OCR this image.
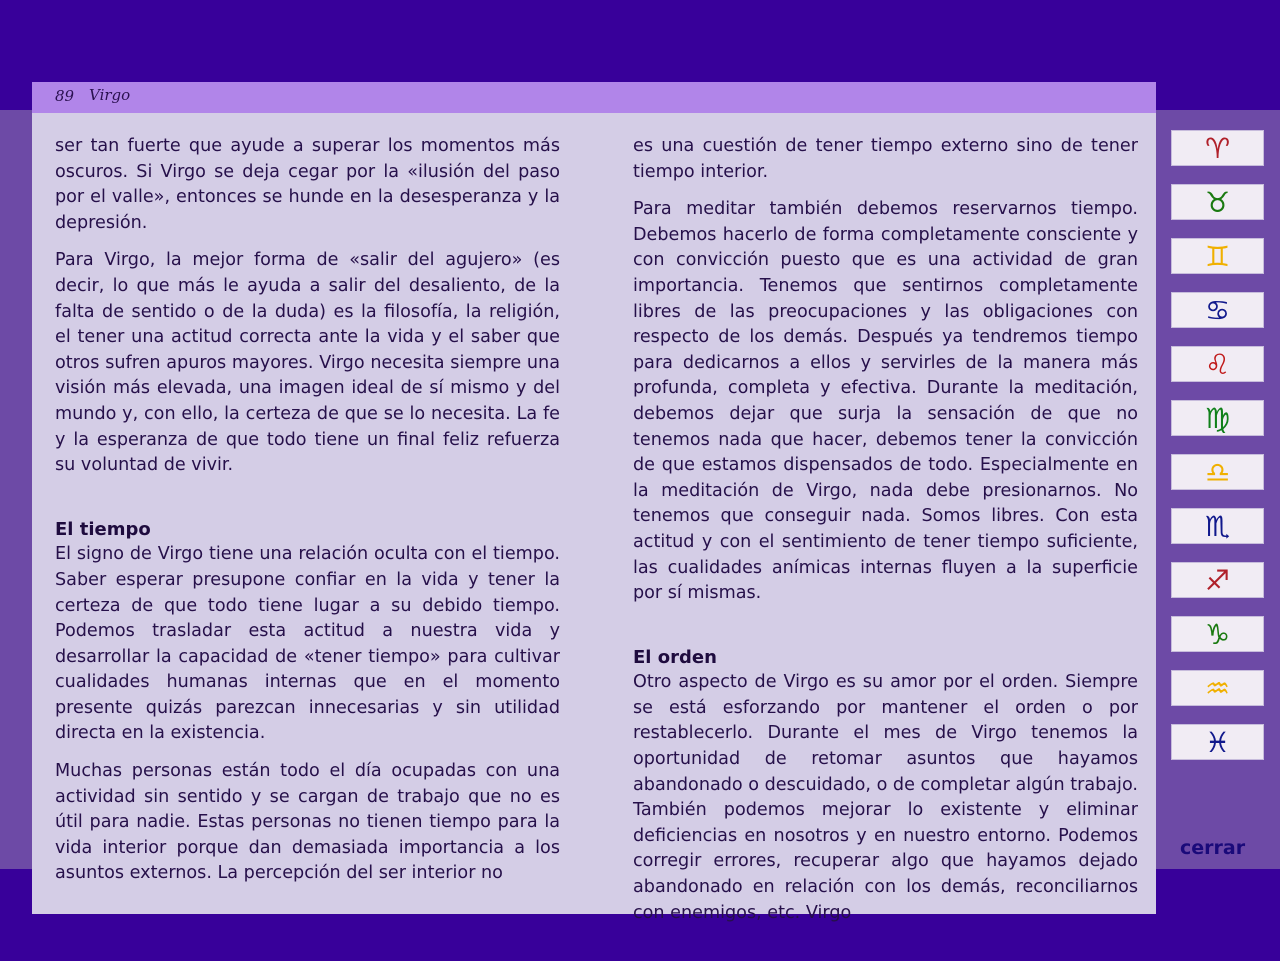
89 Virgo

ser tan fuerte que ayude a superar los momentos más oscuros. Si Virgo se deja cegar por la «ilusión del paso por el valle», entonces se hunde en la desesperanza y la depresión.

Para Virgo, la mejor forma de «salir del agujero» (es decir, lo que más le ayuda a salir del desaliento, de la falta de sentido o de la duda) es la filosofía, la religión, el tener una actitud correcta ante la vida y el saber que otros sufren apuros mayores. Virgo necesita siempre una visión más elevada, una imagen ideal de sí mismo y del mundo y, con ello, la certeza de que se lo necesita. La fe y la esperanza de que todo tiene un final feliz refuerza su voluntad de vivir.

El tiempo

El signo de Virgo tiene una relación oculta con el tiempo. Saber esperar presupone confiar en la vida y tener la certeza de que todo tiene lugar a su debido tiempo. Podemos trasladar esta actitud a nuestra vida y desarrollar la capacidad de «tener tiempo» para cultivar cualidades humanas internas que en el momento presente quizás parezcan innecesarias y sin utilidad directa en la existencia.

Muchas personas están todo el día ocupadas con una actividad sin sentido y se cargan de trabajo que no es útil para nadie. Estas personas no tienen tiempo para la vida interior porque dan demasiada importancia a los asuntos externos. La percepción del ser interior no

es una cuestión de tener tiempo externo sino de tener tiempo interior.

Para meditar también debemos reservarnos tiempo. Debemos hacerlo de forma completamente consciente y con convicción puesto que es una actividad de gran importancia. Tenemos que sentirnos completamente libres de las preocupaciones y las obligaciones con respecto de los demás. Después ya tendremos tiempo para dedicarnos a ellos y servirles de la manera más profunda, completa y efectiva. Durante la meditación, debemos dejar que surja la sensación de que no tenemos nada que hacer, debemos tener la convicción de que estamos dispensados de todo. Especialmente en la meditación de Virgo, nada debe presionarnos. No tenemos que conseguir nada. Somos libres. Con esta actitud y con el sentimiento de tener tiempo suficiente, las cualidades anímicas internas fluyen a la superficie por sí mismas.

El orden

Otro aspecto de Virgo es su amor por el orden. Siempre se está esforzando por mantener el orden o por restablecerlo. Durante el mes de Virgo tenemos la oportunidad de retomar asuntos que hayamos abandonado o descuidado, o de completar algún trabajo. También podemos mejorar lo existente y eliminar deficiencias en nosotros y en nuestro entorno. Podemos corregir errores, recuperar algo que hayamos dejado abandonado en relación con los demás, reconciliarnos con enemigos, etc. Virgo

♈
♉
♊
♋
♌
♍
♎
♏
♐
♑
♒
♓
cerrar
